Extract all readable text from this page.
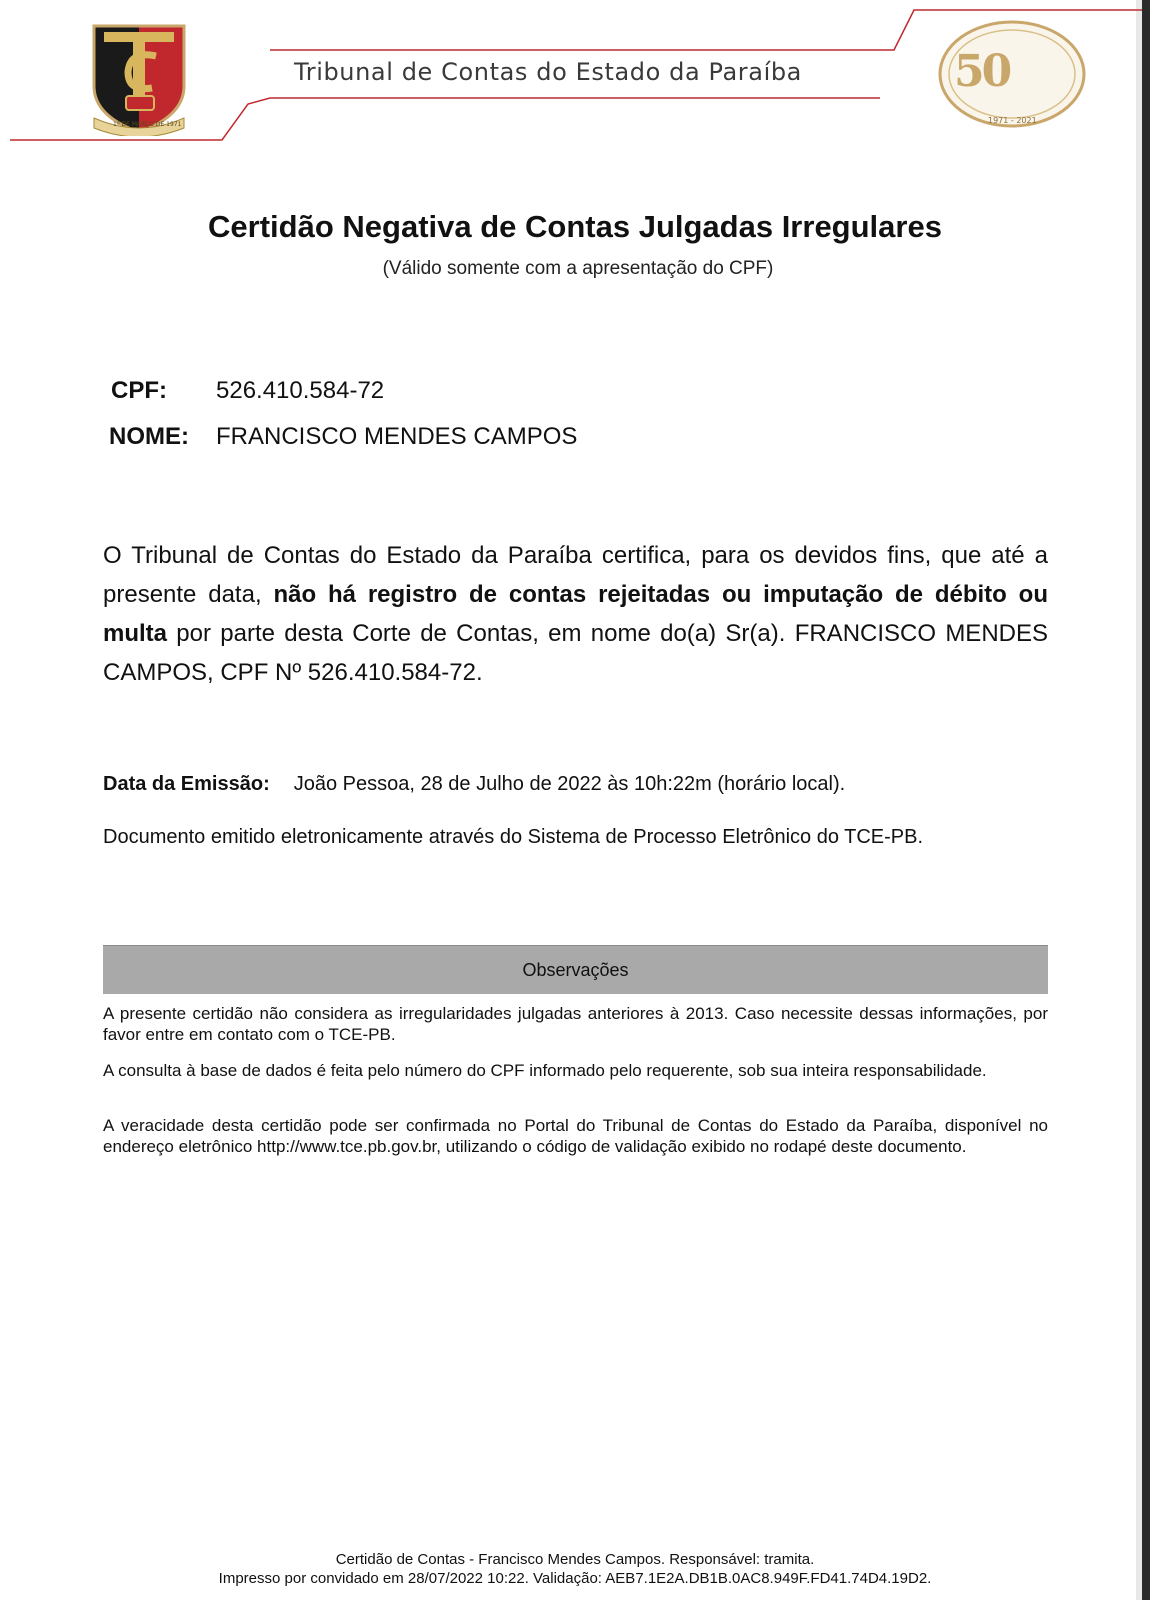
1º DE MARÇO DE 1971
Tribunal de Contas do Estado da Paraíba	50
1971 - 2021
Certidão Negativa de Contas Julgadas Irregulares
(Válido somente com a apresentação do CPF)
CPF: 526.410.584-72
NOME: FRANCISCO MENDES CAMPOS
O Tribunal de Contas do Estado da Paraíba certifica, para os devidos fins, que até a presente data, não há registro de contas rejeitadas ou imputação de débito ou multa por parte desta Corte de Contas, em nome do(a) Sr(a). FRANCISCO MENDES CAMPOS, CPF Nº 526.410.584-72.
Data da Emissão: João Pessoa, 28 de Julho de 2022 às 10h:22m (horário local).
Documento emitido eletronicamente através do Sistema de Processo Eletrônico do TCE-PB.
Observações
A presente certidão não considera as irregularidades julgadas anteriores à 2013. Caso necessite dessas informações, por favor entre em contato com o TCE-PB.
A consulta à base de dados é feita pelo número do CPF informado pelo requerente, sob sua inteira responsabilidade.
A veracidade desta certidão pode ser confirmada no Portal do Tribunal de Contas do Estado da Paraíba, disponível no endereço eletrônico http://www.tce.pb.gov.br, utilizando o código de validação exibido no rodapé deste documento.
Certidão de Contas - Francisco Mendes Campos. Responsável: tramita.
Impresso por convidado em 28/07/2022 10:22. Validação: AEB7.1E2A.DB1B.0AC8.949F.FD41.74D4.19D2.
